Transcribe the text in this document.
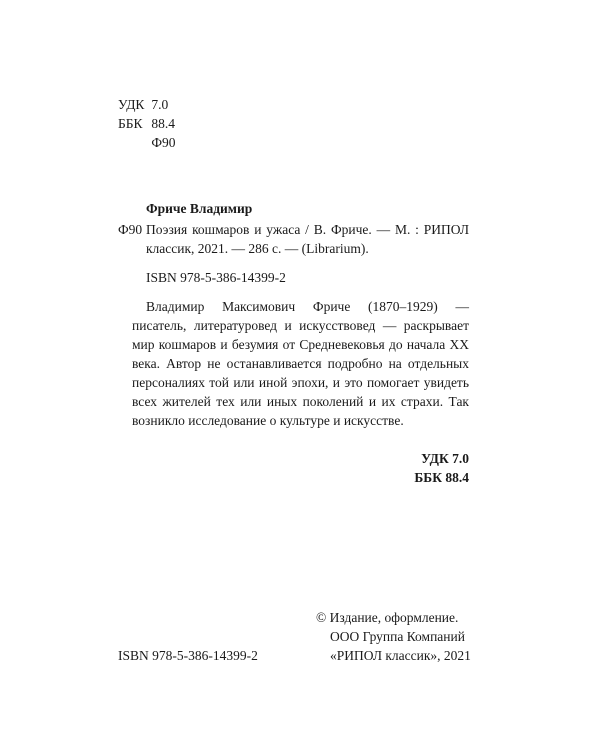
УДК 7.0
ББК 88.4
Ф90
Фриче Владимир
Ф90 Поэзия кошмаров и ужаса / В. Фриче. — М. : РИПОЛ классик, 2021. — 286 с. — (Librarium).
ISBN 978-5-386-14399-2

Владимир Максимович Фриче (1870–1929) — писатель, литературовед и искусствовед — раскрывает мир кошмаров и безумия от Средневековья до начала XX века. Автор не останавливается подробно на отдельных персоналиях той или иной эпохи, и это помогает увидеть всех жителей тех или иных поколений и их страхи. Так возникло исследование о культуре и искусстве.

УДК 7.0
ББК 88.4
© Издание, оформление.
ООО Группа Компаний
«РИПОЛ классик», 2021
ISBN 978-5-386-14399-2
